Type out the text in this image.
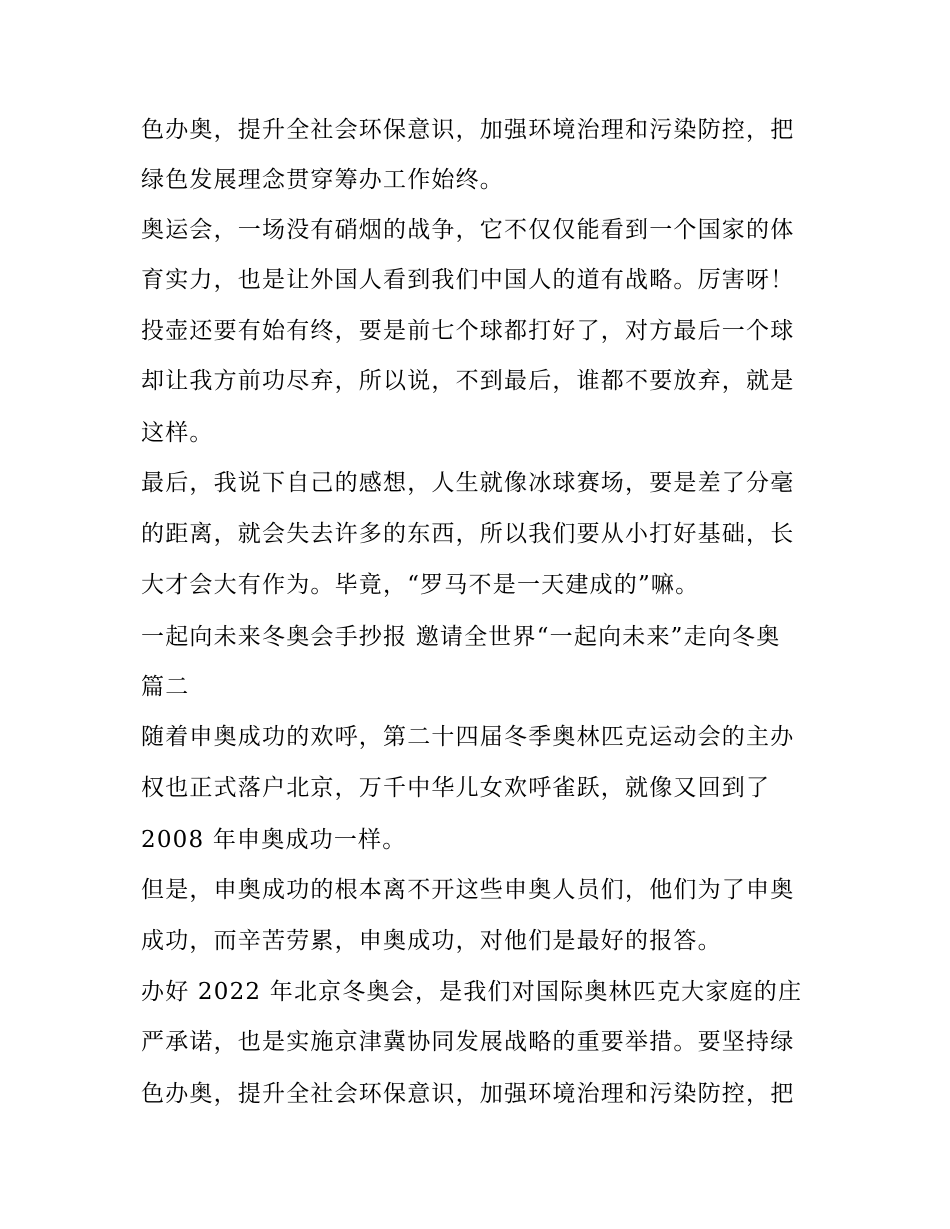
色办奥，提升全社会环保意识，加强环境治理和污染防控，把
绿色发展理念贯穿筹办工作始终。
奥运会，一场没有硝烟的战争，它不仅仅能看到一个国家的体
育实力，也是让外国人看到我们中国人的道有战略。厉害呀！
投壶还要有始有终，要是前七个球都打好了，对方最后一个球
却让我方前功尽弃，所以说，不到最后，谁都不要放弃，就是
这样。
最后，我说下自己的感想，人生就像冰球赛场，要是差了分毫
的距离，就会失去许多的东西，所以我们要从小打好基础，长
大才会大有作为。毕竟，“罗马不是一天建成的”嘛。
一起向未来冬奥会手抄报 邀请全世界“一起向未来”走向冬奥
篇二
随着申奥成功的欢呼，第二十四届冬季奥林匹克运动会的主办
权也正式落户北京，万千中华儿女欢呼雀跃，就像又回到了
2008 年申奥成功一样。
但是，申奥成功的根本离不开这些申奥人员们，他们为了申奥
成功，而辛苦劳累，申奥成功，对他们是最好的报答。
办好 2022 年北京冬奥会，是我们对国际奥林匹克大家庭的庄
严承诺，也是实施京津冀协同发展战略的重要举措。要坚持绿
色办奥，提升全社会环保意识，加强环境治理和污染防控，把
